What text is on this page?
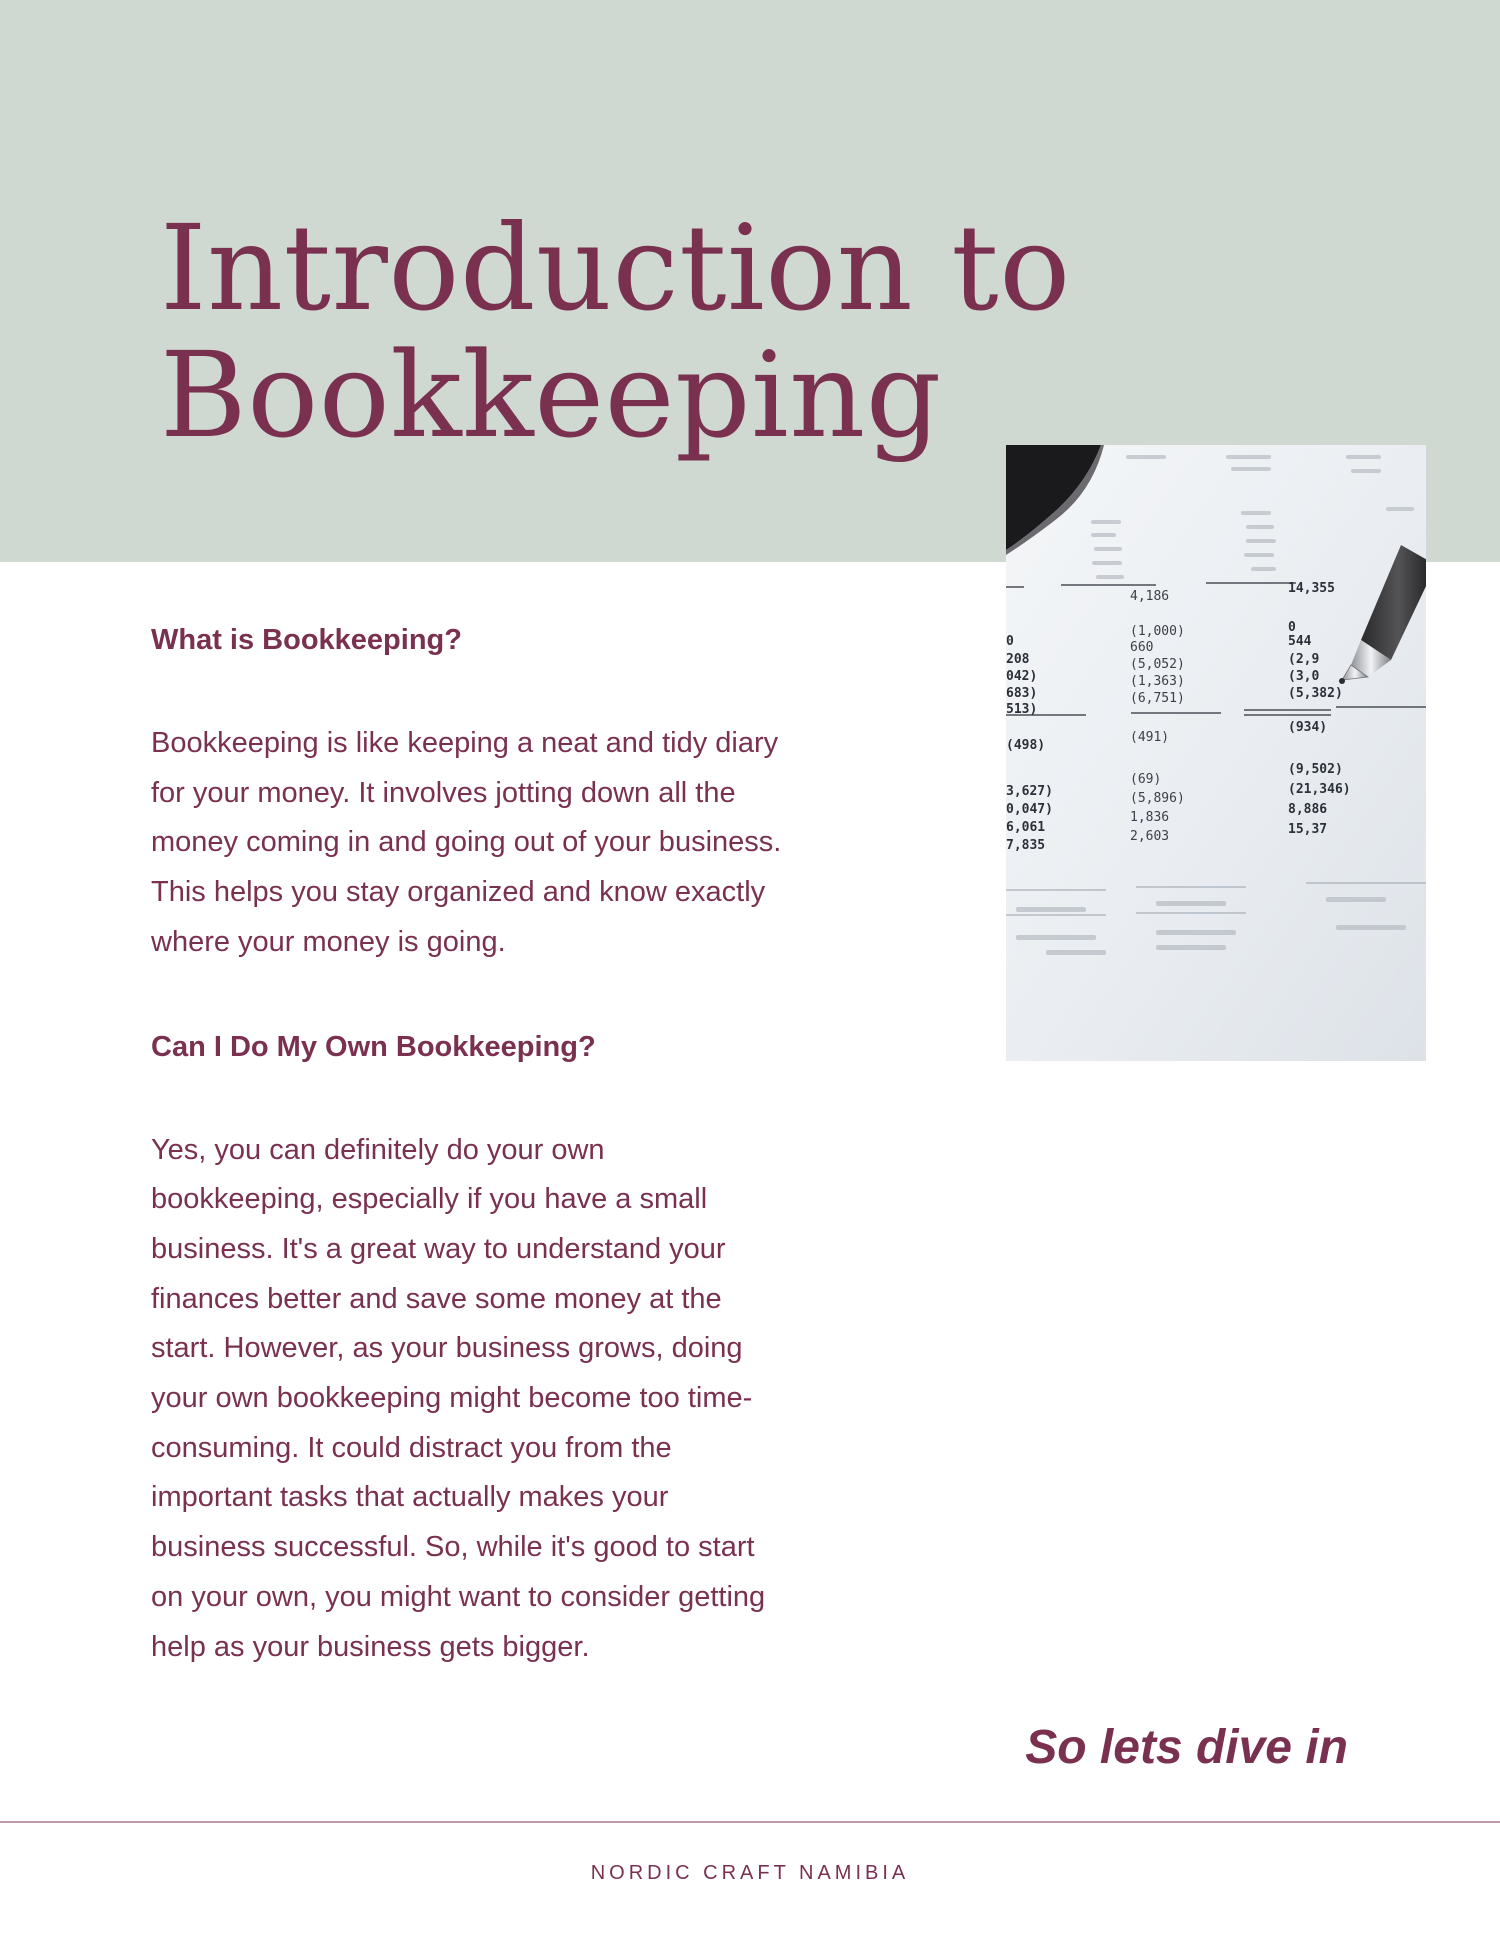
Introduction to
Bookkeeping
0
208
042)
683)
513)
(498)
3,627)
0,047)
6,061
7,835
4,186
(1,000)
660
(5,052)
(1,363)
(6,751)
(491)
(69)
(5,896)
1,836
2,603
14,355
0
544
(2,9
(3,0
(5,382)
(934)
(9,502)
(21,346)
8,886
15,37
What is Bookkeeping?

Bookkeeping is like keeping a neat and tidy diary
for your money. It involves jotting down all the
money coming in and going out of your business.
This helps you stay organized and know exactly
where your money is going.

Can I Do My Own Bookkeeping?

Yes, you can definitely do your own
bookkeeping, especially if you have a small
business. It's a great way to understand your
finances better and save some money at the
start. However, as your business grows, doing
your own bookkeeping might become too time-
consuming. It could distract you from the
important tasks that actually makes your
business successful. So, while it's good to start
on your own, you might want to consider getting
help as your business gets bigger.

So lets dive in

NORDIC CRAFT NAMIBIA
